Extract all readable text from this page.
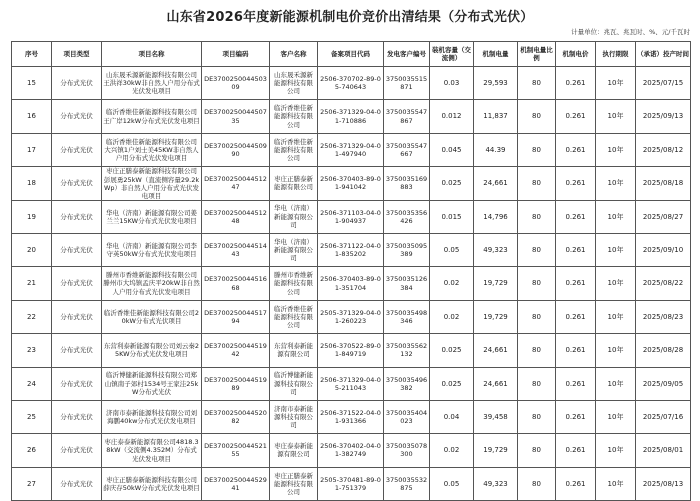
山东省2026年度新能源机制电价竞价出清结果（分布式光伏）
计量单位：兆瓦、兆瓦时、%、元/千瓦时
序号	项目类型	项目名称	项目编码	客户名称	备案项目代码	发电客户编号	装机容量（交流侧）	机制电量	机制电量比例	机制电价	执行期限	（承诺）投产时间

15	分布式光伏	山东晟禾源新能源科技有限公司王洪祥30kW非自然人户用分布式光伏发电项目	DE370025004450309	山东晟禾源新能源科技有限公司	2506-370702-89-05-740643	3750035515871	0.03	29,593	80	0.261	10年	2025/07/15

16	分布式光伏	临沂香维佳新能源科技有限公司王广岸12kW分布式光伏发电项目	DE370025004450735	临沂香维佳新能源科技有限公司	2506-371329-04-01-710886	3750035547867	0.012	11,837	80	0.261	10年	2025/09/13

17	分布式光伏	临沂香维佳新能源科技有限公司大兴镇1户刘士美45KW非自然人户用分布式光伏发电项目	DE370025004450990	临沂香维佳新能源科技有限公司	2506-371329-04-01-497940	3750035547667	0.045	44.39	80	0.261	10年	2025/08/12

18	分布式光伏	枣庄正膳泰新能源科技有限公司彭展勇25kW（直流侧容量29.2kWp）非自然人户用分布式光伏发电项目	DE370025004451247	枣庄正膳泰新能源有限公司	2506-370403-89-01-941042	3750035169883	0.025	24,661	80	0.261	10年	2025/08/18

19	分布式光伏	华电（济南）新能源有限公司姜兰兰15KW分布式光伏发电项目	DE370025004451248	华电（济南）新能源有限公司	2506-371103-04-01-904937	3750035356426	0.015	14,796	80	0.261	10年	2025/08/27

20	分布式光伏	华电（济南）新能源有限公司李守英50kW分布式光伏发电项目	DE370025004451443	华电（济南）新能源有限公司	2506-371122-04-01-835202	3750035095389	0.05	49,323	80	0.261	10年	2025/09/10

21	分布式光伏	滕州市香维新能源科技有限公司滕州市大坞镇孟庆平20kW非自然人户用分布式光伏发电项目	DE370025004451668	滕州市香维新能源科技有限公司	2506-370403-89-01-351704	3750035126384	0.02	19,729	80	0.261	10年	2025/08/22

22	分布式光伏	临沂香维佳新能源科技有限公司20kW分布式光伏项目	DE370025004451794	临沂香维佳新能源科技有限公司	2505-371329-04-01-260223	3750035498346	0.02	19,729	80	0.261	10年	2025/08/23

23	分布式光伏	东营利泰新能源有限公司刘云秦25KW分布式光伏发电项目	DE370025004451942	东营利泰新能源有限公司	2506-370522-89-01-849719	3750035562132	0.025	24,661	80	0.261	10年	2025/08/28

24	分布式光伏	临沂博健新能源科技有限公司郑山镇南子郊村1534号王家洼25kW分布式光伏	DE370025004451989	临沂博健新能源科技有限公司	2506-371329-04-05-211043	3750035496382	0.025	24,661	80	0.261	10年	2025/09/05

25	分布式光伏	济南市泰新能源科技有限公司刘海鹏40kw分布式光伏发电项目	DE370025004452082	济南市泰新能源科技有限公司	2506-371522-04-01-931366	3750035404023	0.04	39,458	80	0.261	10年	2025/07/16

26	分布式光伏	枣庄泰泰新能源有限公司4818.38kW（交流侧4.352M）分布式光伏发电项目	DE370025004452155	枣庄泰泰新能源有限公司	2506-370402-04-01-382749	3750035078300	0.02	19,729	80	0.261	10年	2025/08/01

27	分布式光伏	枣庄正膳泰新能源科技有限公司薛庆存50kW分布式光伏发电项目	DE370025004452941	枣庄正膳泰新能源科技有限公司	2505-370481-89-01-751379	3750035532875	0.05	49,323	80	0.261	10年	2025/08/13
